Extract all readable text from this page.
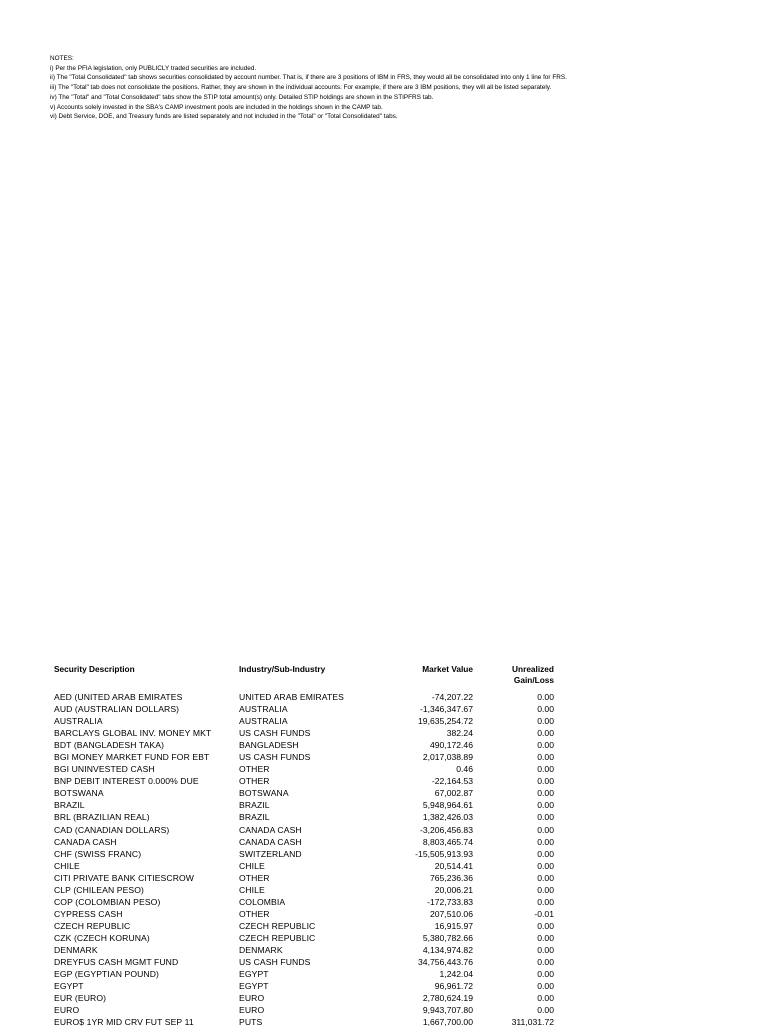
NOTES:
i) Per the PFIA legislation, only PUBLICLY traded securities are included.
ii) The "Total Consolidated" tab shows securities consolidated by account number. That is, if there are 3 positions of IBM in FRS, they would all be consolidated into only 1 line for FRS.
iii) The "Total" tab does not consolidate the positions. Rather, they are shown in the individual accounts. For example, if there are 3 IBM positions, they will all be listed separately.
iv) The "Total" and "Total Consolidated" tabs show the STIP total amount(s) only. Detailed STIP holdings are shown in the STIPFRS tab.
v) Accounts solely invested in the SBA's CAMP investment pools are included in the holdings shown in the CAMP tab.
vi) Debt Service, DOE, and Treasury funds are listed separately and not included in the "Total" or "Total Consolidated" tabs.
Security Description	Industry/Sub-Industry	Market Value	Unrealized
Gain/Loss
AED (UNITED ARAB EMIRATES	UNITED ARAB EMIRATES	-74,207.22	0.00
AUD (AUSTRALIAN DOLLARS)	AUSTRALIA	-1,346,347.67	0.00
AUSTRALIA	AUSTRALIA	19,635,254.72	0.00
BARCLAYS GLOBAL INV. MONEY MKT	US CASH FUNDS	382.24	0.00
BDT (BANGLADESH TAKA)	BANGLADESH	490,172.46	0.00
BGI MONEY MARKET FUND FOR EBT	US CASH FUNDS	2,017,038.89	0.00
BGI UNINVESTED CASH	OTHER	0.46	0.00
BNP DEBIT INTEREST 0.000% DUE	OTHER	-22,164.53	0.00
BOTSWANA	BOTSWANA	67,002.87	0.00
BRAZIL	BRAZIL	5,948,964.61	0.00
BRL (BRAZILIAN REAL)	BRAZIL	1,382,426.03	0.00
CAD (CANADIAN DOLLARS)	CANADA CASH	-3,206,456.83	0.00
CANADA CASH	CANADA CASH	8,803,465.74	0.00
CHF (SWISS FRANC)	SWITZERLAND	-15,505,913.93	0.00
CHILE	CHILE	20,514.41	0.00
CITI PRIVATE BANK CITIESCROW	OTHER	765,236.36	0.00
CLP (CHILEAN PESO)	CHILE	20,006.21	0.00
COP (COLOMBIAN PESO)	COLOMBIA	-172,733.83	0.00
CYPRESS CASH	OTHER	207,510.06	-0.01
CZECH REPUBLIC	CZECH REPUBLIC	16,915.97	0.00
CZK (CZECH KORUNA)	CZECH REPUBLIC	5,380,782.66	0.00
DENMARK	DENMARK	4,134,974.82	0.00
DREYFUS CASH MGMT FUND	US CASH FUNDS	34,756,443.76	0.00
EGP (EGYPTIAN POUND)	EGYPT	1,242.04	0.00
EGYPT	EGYPT	96,961.72	0.00
EUR (EURO)	EURO	2,780,624.19	0.00
EURO	EURO	9,943,707.80	0.00
EURO$ 1YR MID CRV FUT SEP 11	PUTS	1,667,700.00	311,031.72
